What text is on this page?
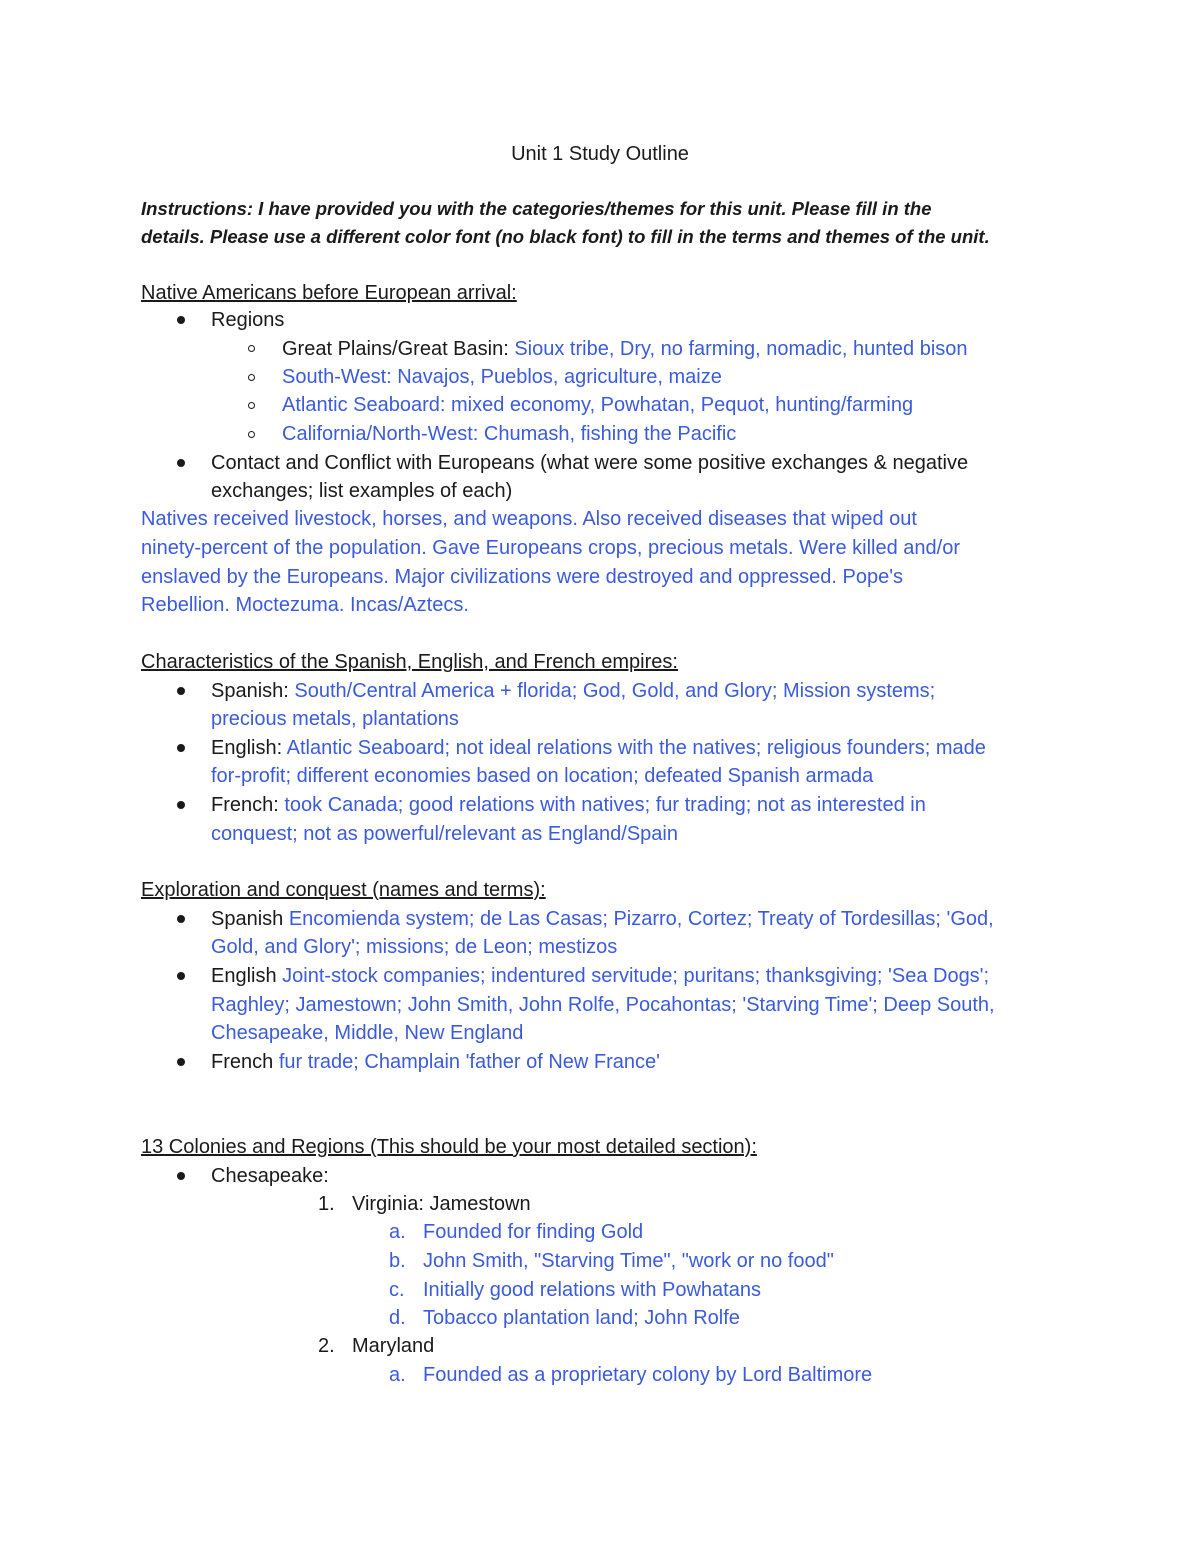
Unit 1 Study Outline
Instructions: I have provided you with the categories/themes for this unit. Please fill in the
details. Please use a different color font (no black font) to fill in the terms and themes of the unit.
Native Americans before European arrival:
Regions
Great Plains/Great Basin: Sioux tribe, Dry, no farming, nomadic, hunted bison
South-West: Navajos, Pueblos, agriculture, maize
Atlantic Seaboard: mixed economy, Powhatan, Pequot, hunting/farming
California/North-West: Chumash, fishing the Pacific
Contact and Conflict with Europeans (what were some positive exchanges & negative
exchanges; list examples of each)
Natives received livestock, horses, and weapons. Also received diseases that wiped out
ninety-percent of the population. Gave Europeans crops, precious metals. Were killed and/or
enslaved by the Europeans. Major civilizations were destroyed and oppressed. Pope's
Rebellion. Moctezuma. Incas/Aztecs.
Characteristics of the Spanish, English, and French empires:
Spanish: South/Central America + florida; God, Gold, and Glory; Mission systems;
precious metals, plantations
English: Atlantic Seaboard; not ideal relations with the natives; religious founders; made
for-profit; different economies based on location; defeated Spanish armada
French: took Canada; good relations with natives; fur trading; not as interested in
conquest; not as powerful/relevant as England/Spain
Exploration and conquest (names and terms):
Spanish Encomienda system; de Las Casas; Pizarro, Cortez; Treaty of Tordesillas; 'God,
Gold, and Glory'; missions; de Leon; mestizos
English Joint-stock companies; indentured servitude; puritans; thanksgiving; 'Sea Dogs';
Raghley; Jamestown; John Smith, John Rolfe, Pocahontas; 'Starving Time'; Deep South,
Chesapeake, Middle, New England
French fur trade; Champlain 'father of New France'
13 Colonies and Regions (This should be your most detailed section):
Chesapeake:
1. Virginia: Jamestown
a. Founded for finding Gold
b. John Smith, "Starving Time", "work or no food"
c. Initially good relations with Powhatans
d. Tobacco plantation land; John Rolfe
2. Maryland
a. Founded as a proprietary colony by Lord Baltimore
